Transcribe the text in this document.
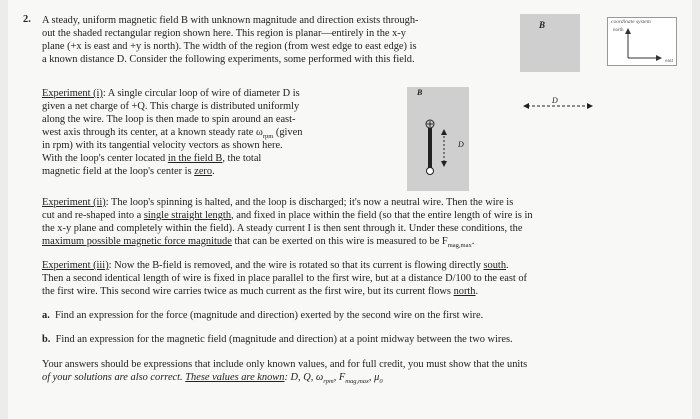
2. A steady, uniform magnetic field B with unknown magnitude and direction exists through-
out the shaded rectangular region shown here. This region is planar—entirely in the x-y
plane (+x is east and +y is north). The width of the region (from west edge to east edge) is
a known distance D. Consider the following experiments, some performed with this field.
B	coordinate system
north
east
Experiment (i): A single circular loop of wire of diameter D is
given a net charge of +Q. This charge is distributed uniformly
along the wire. The loop is then made to spin around an east-
west axis through its center, at a known steady rate $\omega_{rpm}$ (given
in rpm) with its tangential velocity vectors as shown here.
With the loop's center located in the field B, the total
magnetic field at the loop's center is zero.
B
D
D
Experiment (ii): The loop's spinning is halted, and the loop is discharged; it's now a neutral wire. Then the wire is
cut and re-shaped into a single straight length, and fixed in place within the field (so that the entire length of wire is in
the x-y plane and completely within the field). A steady current I is then sent through it. Under these conditions, the
maximum possible magnetic force magnitude that can be exerted on this wire is measured to be $F_{mag,max}$.
Experiment (iii): Now the B-field is removed, and the wire is rotated so that its current is flowing directly south.
Then a second identical length of wire is fixed in place parallel to the first wire, but at a distance D/100 to the east of
the first wire. This second wire carries twice as much current as the first wire, but its current flows north.
a. Find an expression for the force (magnitude and direction) exerted by the second wire on the first wire.
b. Find an expression for the magnetic field (magnitude and direction) at a point midway between the two wires.
Your answers should be expressions that include only known values, and for full credit, you must show that the units
of your solutions are also correct. These values are known: D, Q, $\omega_{rpm}$, $F_{mag,max}$, $\mu_0$
